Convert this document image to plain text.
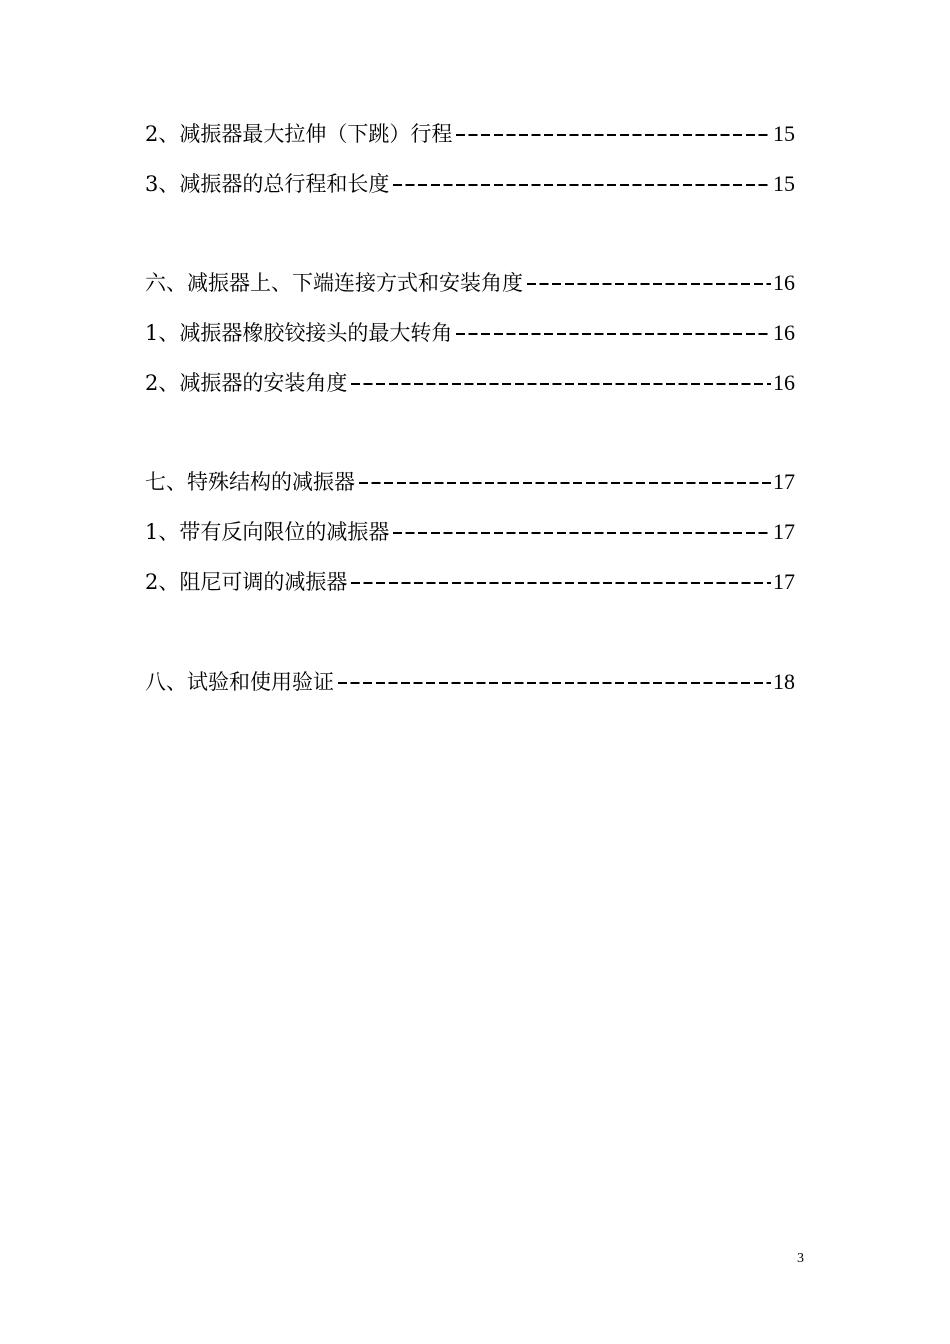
2、减振器最大拉伸（下跳）行程	15
3、减振器的总行程和长度	15
六、减振器上、下端连接方式和安装角度	16
1、减振器橡胶铰接头的最大转角	16
2、减振器的安装角度	16
七、特殊结构的减振器	17
1、带有反向限位的减振器	17
2、阻尼可调的减振器	17
八、试验和使用验证	18
3
